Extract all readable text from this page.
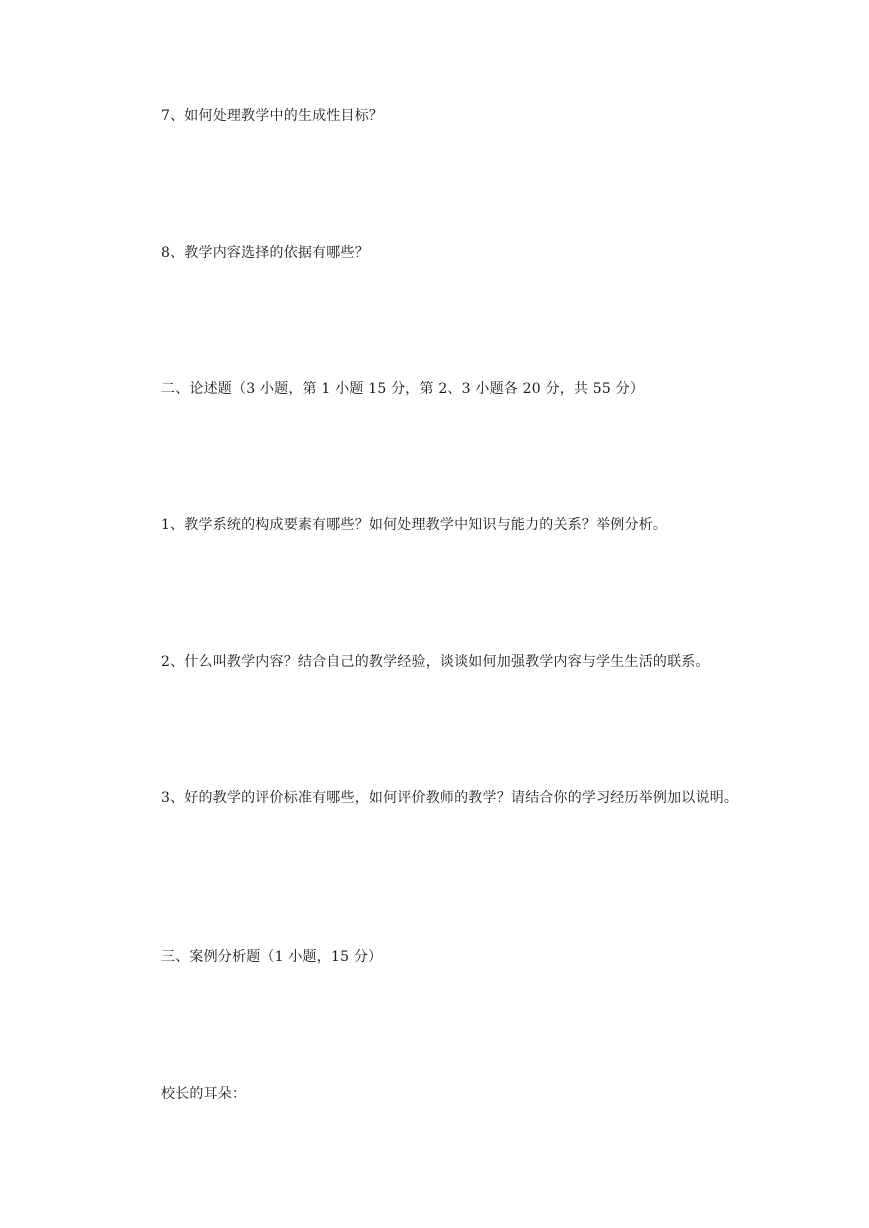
7、如何处理教学中的生成性目标？
8、教学内容选择的依据有哪些？
二、论述题（3 小题，第 1 小题 15 分，第 2、3 小题各 20 分，共 55 分）
1、教学系统的构成要素有哪些？如何处理教学中知识与能力的关系？举例分析。
2、什么叫教学内容？结合自己的教学经验，谈谈如何加强教学内容与学生生活的联系。
3、好的教学的评价标准有哪些，如何评价教师的教学？请结合你的学习经历举例加以说明。
三、案例分析题（1 小题，15 分）
校长的耳朵：
